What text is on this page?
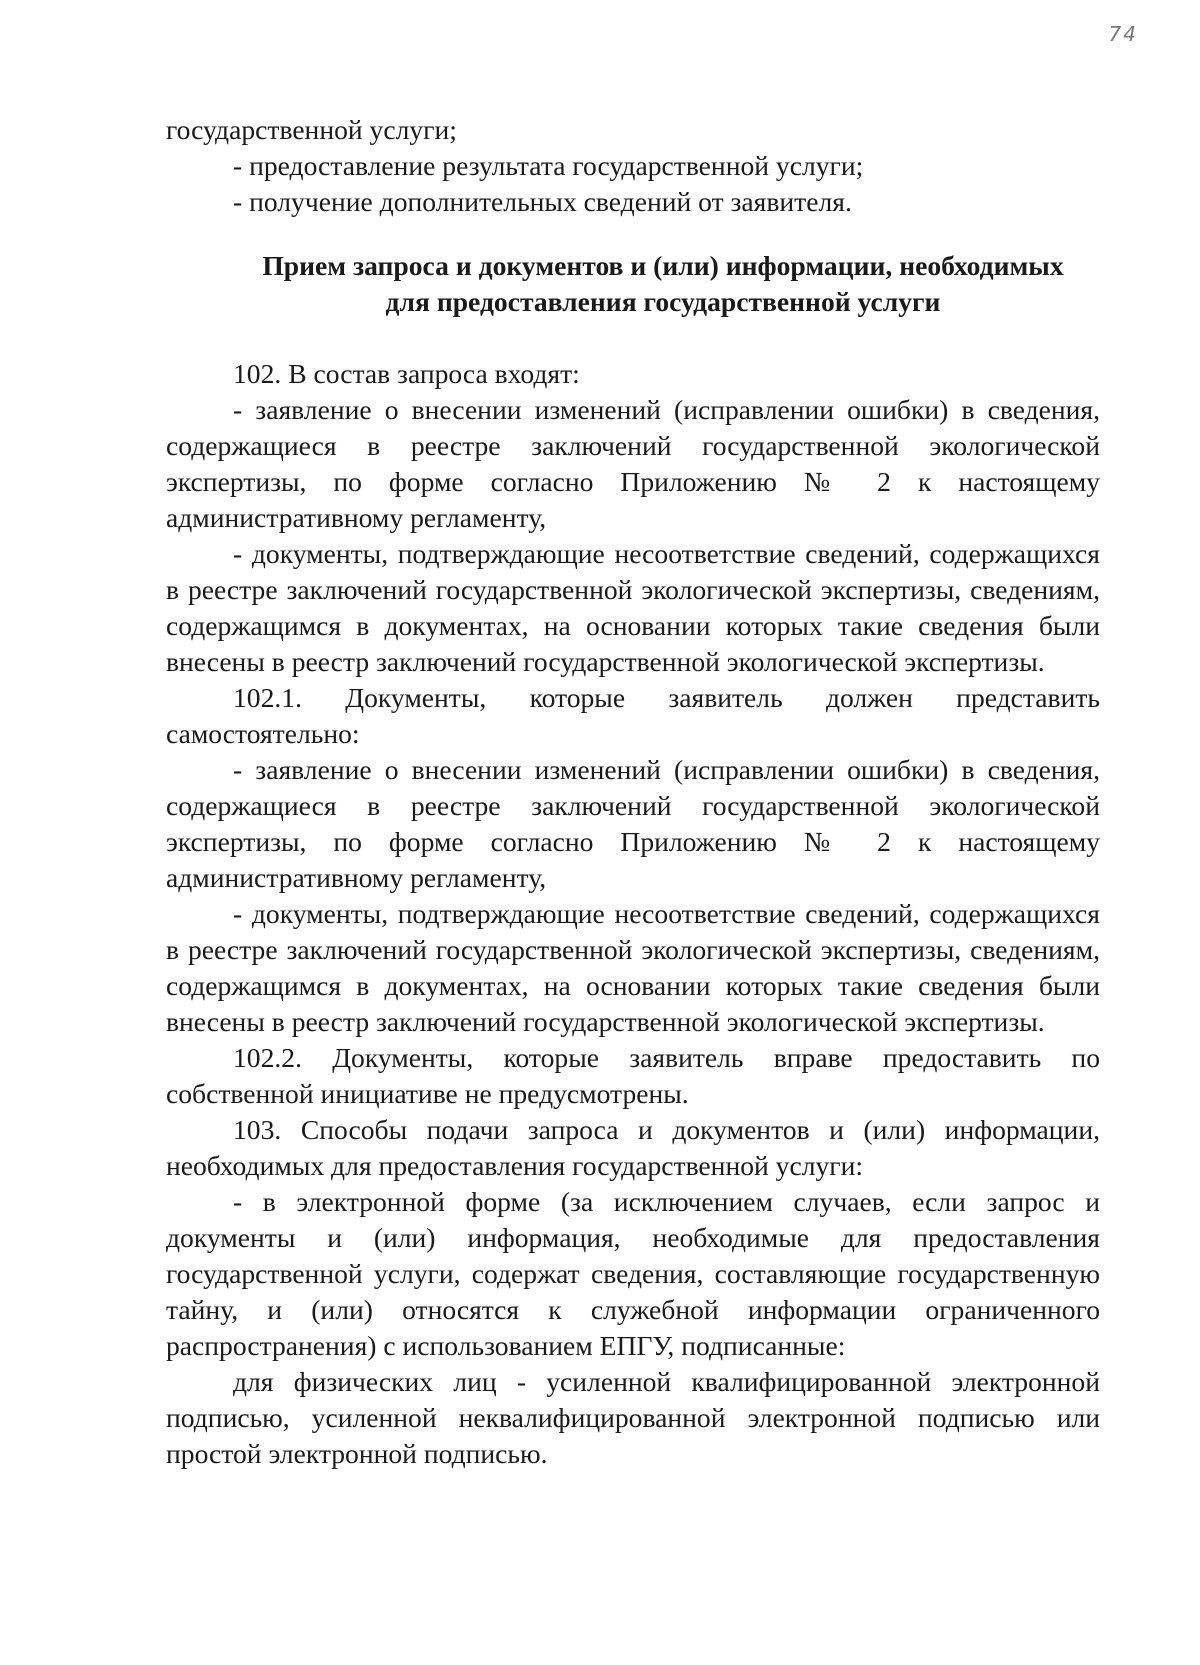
74

государственной услуги;

- предоставление результата государственной услуги;

- получение дополнительных сведений от заявителя.

Прием запроса и документов и (или) информации, необходимых
для предоставления государственной услуги

102. В состав запроса входят:

- заявление о внесении изменений (исправлении ошибки) в сведения, содержащиеся в реестре заключений государственной экологической экспертизы, по форме согласно Приложению № 2 к настоящему административному регламенту,

- документы, подтверждающие несоответствие сведений, содержащихся в реестре заключений государственной экологической экспертизы, сведениям, содержащимся в документах, на основании которых такие сведения были внесены в реестр заключений государственной экологической экспертизы.

102.1. Документы, которые заявитель должен представить самостоятельно:

- заявление о внесении изменений (исправлении ошибки) в сведения, содержащиеся в реестре заключений государственной экологической экспертизы, по форме согласно Приложению № 2 к настоящему административному регламенту,

- документы, подтверждающие несоответствие сведений, содержащихся в реестре заключений государственной экологической экспертизы, сведениям, содержащимся в документах, на основании которых такие сведения были внесены в реестр заключений государственной экологической экспертизы.

102.2. Документы, которые заявитель вправе предоставить по собственной инициативе не предусмотрены.

103. Способы подачи запроса и документов и (или) информации, необходимых для предоставления государственной услуги:

- в электронной форме (за исключением случаев, если запрос и документы и (или) информация, необходимые для предоставления государственной услуги, содержат сведения, составляющие государственную тайну, и (или) относятся к служебной информации ограниченного распространения) с использованием ЕПГУ, подписанные:

для физических лиц - усиленной квалифицированной электронной подписью, усиленной неквалифицированной электронной подписью или простой электронной подписью.
